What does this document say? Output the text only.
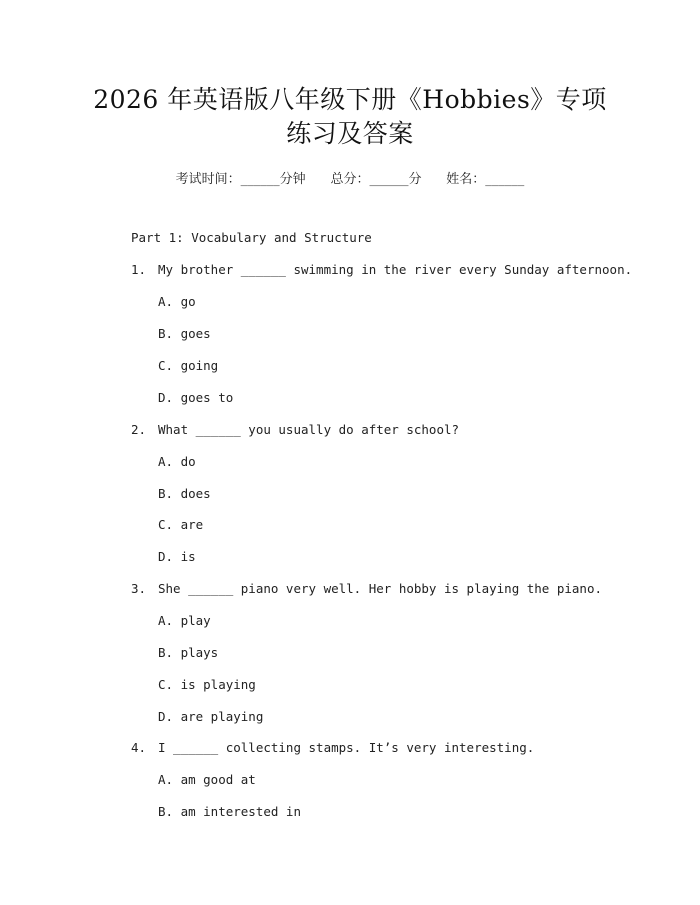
2026 年英语版八年级下册《Hobbies》专项
练习及答案
考试时间：______分钟 总分：______分 姓名：______
Part 1: Vocabulary and Structure
1. My brother ______ swimming in the river every Sunday afternoon.
A. go
B. goes
C. going
D. goes to
2. What ______ you usually do after school?
A. do
B. does
C. are
D. is
3. She ______ piano very well. Her hobby is playing the piano.
A. play
B. plays
C. is playing
D. are playing
4. I ______ collecting stamps. It’s very interesting.
A. am good at
B. am interested in
